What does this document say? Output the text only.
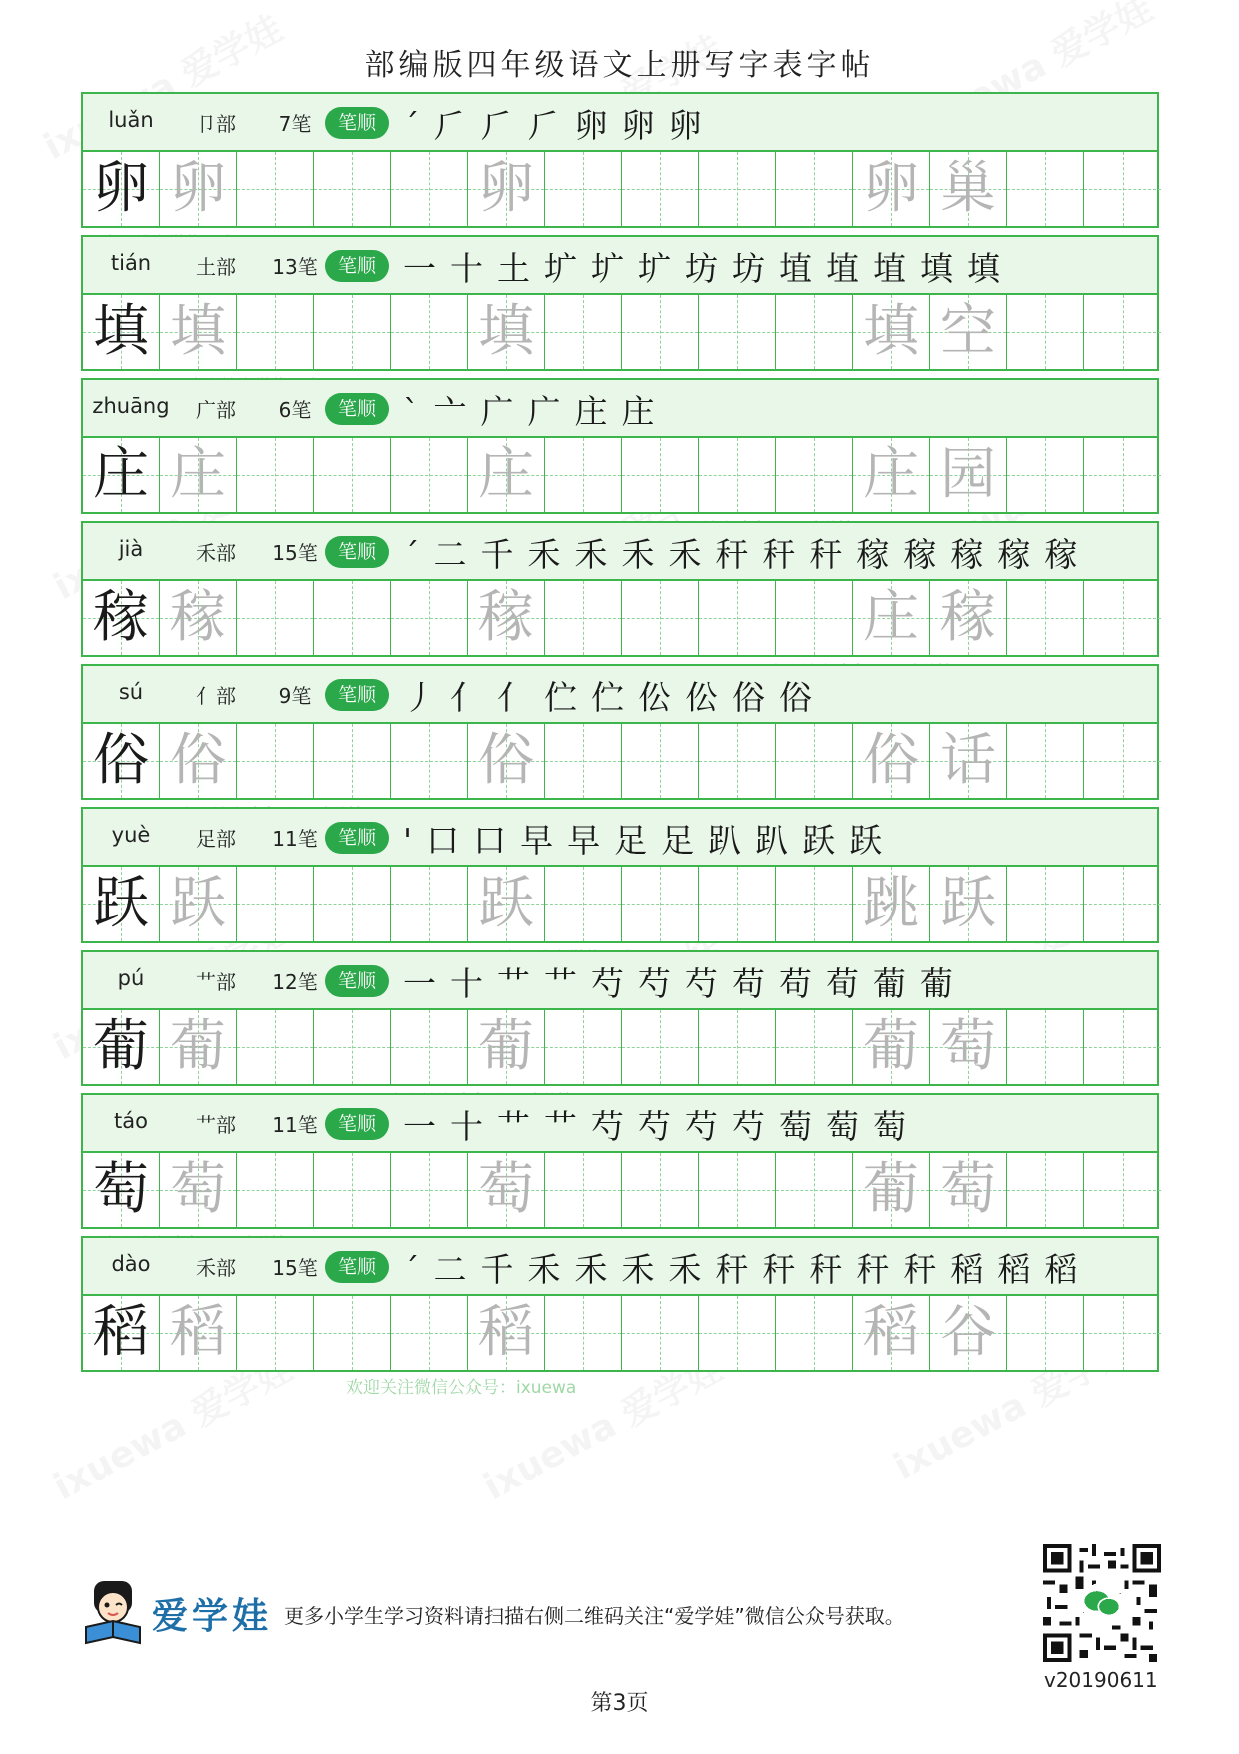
部编版四年级语文上册写字表字帖
luǎn	卩部	7笔	笔顺 ´⺁⺁⺁卵卵卵
卵 卵	卵	卵 巢
tián	土部	13笔	笔顺 一十土圹圹圹坊坊埴埴埴填填
填 填	填	填 空
zhuāng	广部	6笔	笔顺 `亠广广庄庄
庄 庄	庄	庄 园
jià	禾部	15笔	笔顺 ´二千禾禾禾禾秆秆秆稼稼稼稼稼
稼 稼	稼	庄 稼
sú	亻部	9笔	笔顺 丿亻亻伫伫伀伀俗俗
俗 俗	俗	俗 话
yuè	足部	11笔	笔顺 '口口早早足足趴趴跃跃
跃 跃	跃	跳 跃
pú	艹部	12笔	笔顺 一十艹艹芍芍芍苟苟荀葡葡
葡 葡	葡	葡 萄
táo	艹部	11笔	笔顺 一十艹艹芍芍芍芍萄萄萄
萄 萄	萄	葡 萄
dào	禾部	15笔	笔顺 ´二千禾禾禾禾秆秆秆秆秆稻稻稻
稻 稻	稻	稻 谷
欢迎关注微信公众号：ixuewa
爱学娃 更多小学生学习资料请扫描右侧二维码关注“爱学娃”微信公众号获取。
v20190611
第3页
